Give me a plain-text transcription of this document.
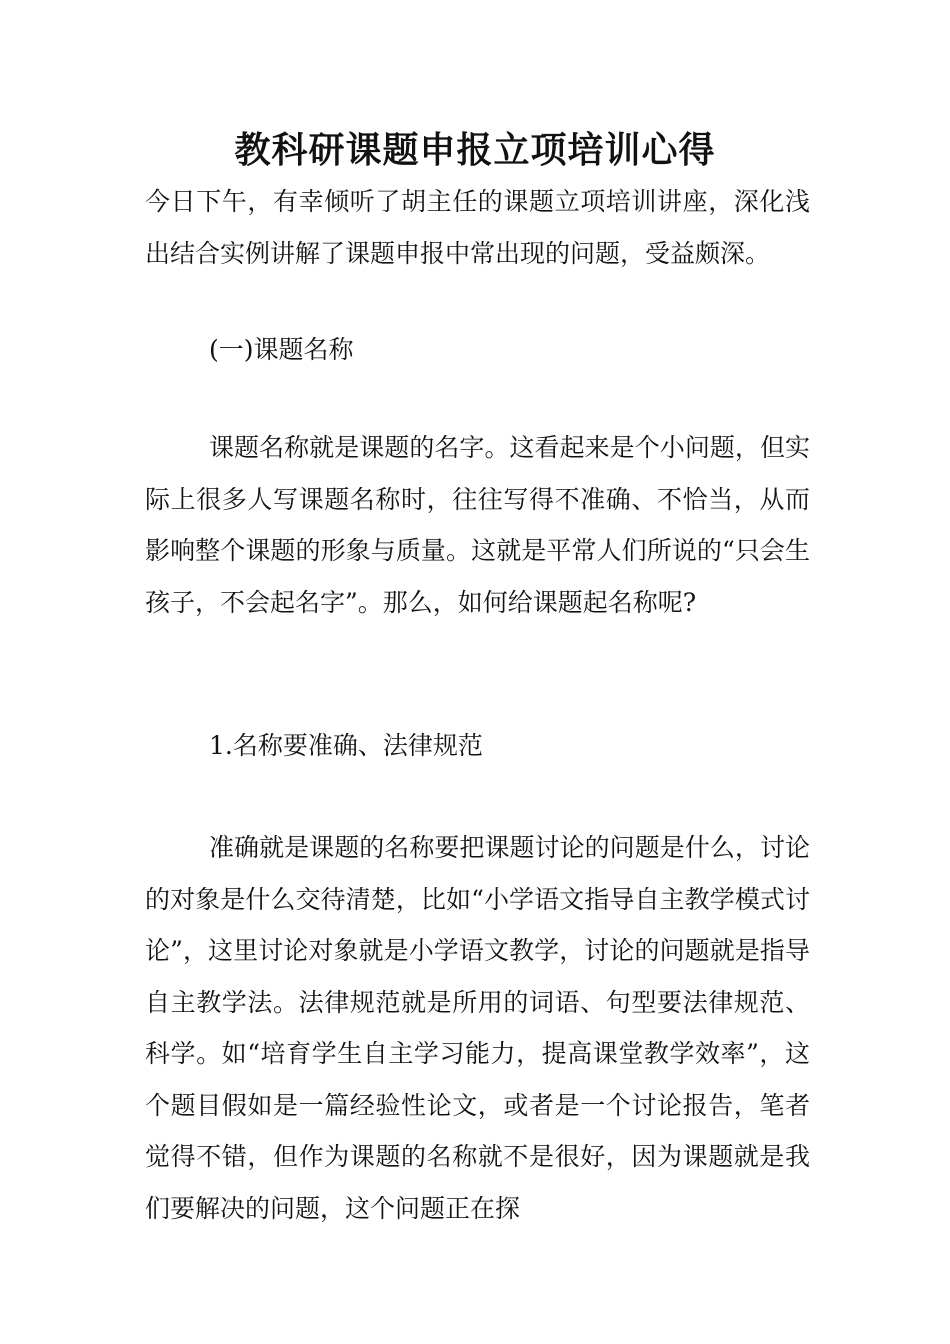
教科研课题申报立项培训心得

今日下午，有幸倾听了胡主任的课题立项培训讲座，深化浅出结合实例讲解了课题申报中常出现的问题，受益颇深。

(一)课题名称

课题名称就是课题的名字。这看起来是个小问题，但实际上很多人写课题名称时，往往写得不准确、不恰当，从而影响整个课题的形象与质量。这就是平常人们所说的“只会生孩子，不会起名字”。那么，如何给课题起名称呢?

1.名称要准确、法律规范

准确就是课题的名称要把课题讨论的问题是什么，讨论的对象是什么交待清楚，比如“小学语文指导自主教学模式讨论”，这里讨论对象就是小学语文教学，讨论的问题就是指导自主教学法。法律规范就是所用的词语、句型要法律规范、科学。如“培育学生自主学习能力，提高课堂教学效率”，这个题目假如是一篇经验性论文，或者是一个讨论报告，笔者觉得不错，但作为课题的名称就不是很好，因为课题就是我们要解决的问题，这个问题正在探
